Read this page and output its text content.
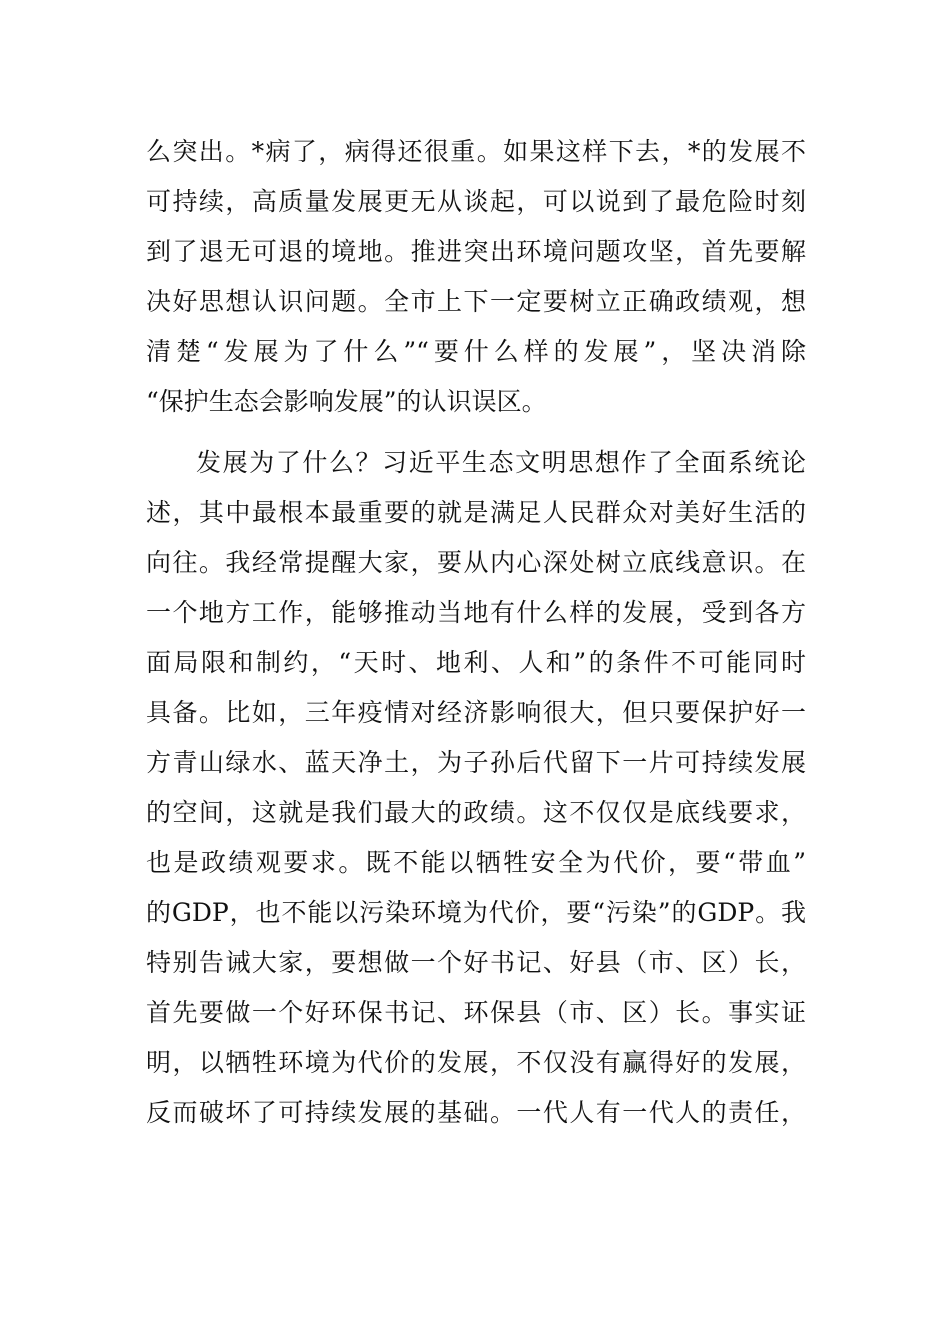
么突出。*病了，病得还很重。如果这样下去，*的发展不
可持续，高质量发展更无从谈起，可以说到了最危险时刻
到了退无可退的境地。推进突出环境问题攻坚，首先要解
决好思想认识问题。全市上下一定要树立正确政绩观，想
清楚“发展为了什么”“要什么样的发展”，坚决消除
“保护生态会影响发展”的认识误区。
发展为了什么？习近平生态文明思想作了全面系统论
述，其中最根本最重要的就是满足人民群众对美好生活的
向往。我经常提醒大家，要从内心深处树立底线意识。在
一个地方工作，能够推动当地有什么样的发展，受到各方
面局限和制约，“天时、地利、人和”的条件不可能同时
具备。比如，三年疫情对经济影响很大，但只要保护好一
方青山绿水、蓝天净土，为子孙后代留下一片可持续发展
的空间，这就是我们最大的政绩。这不仅仅是底线要求，
也是政绩观要求。既不能以牺牲安全为代价，要“带血”
的GDP，也不能以污染环境为代价，要“污染”的GDP。我
特别告诫大家，要想做一个好书记、好县（市、区）长，
首先要做一个好环保书记、环保县（市、区）长。事实证
明，以牺牲环境为代价的发展，不仅没有赢得好的发展，
反而破坏了可持续发展的基础。一代人有一代人的责任，
